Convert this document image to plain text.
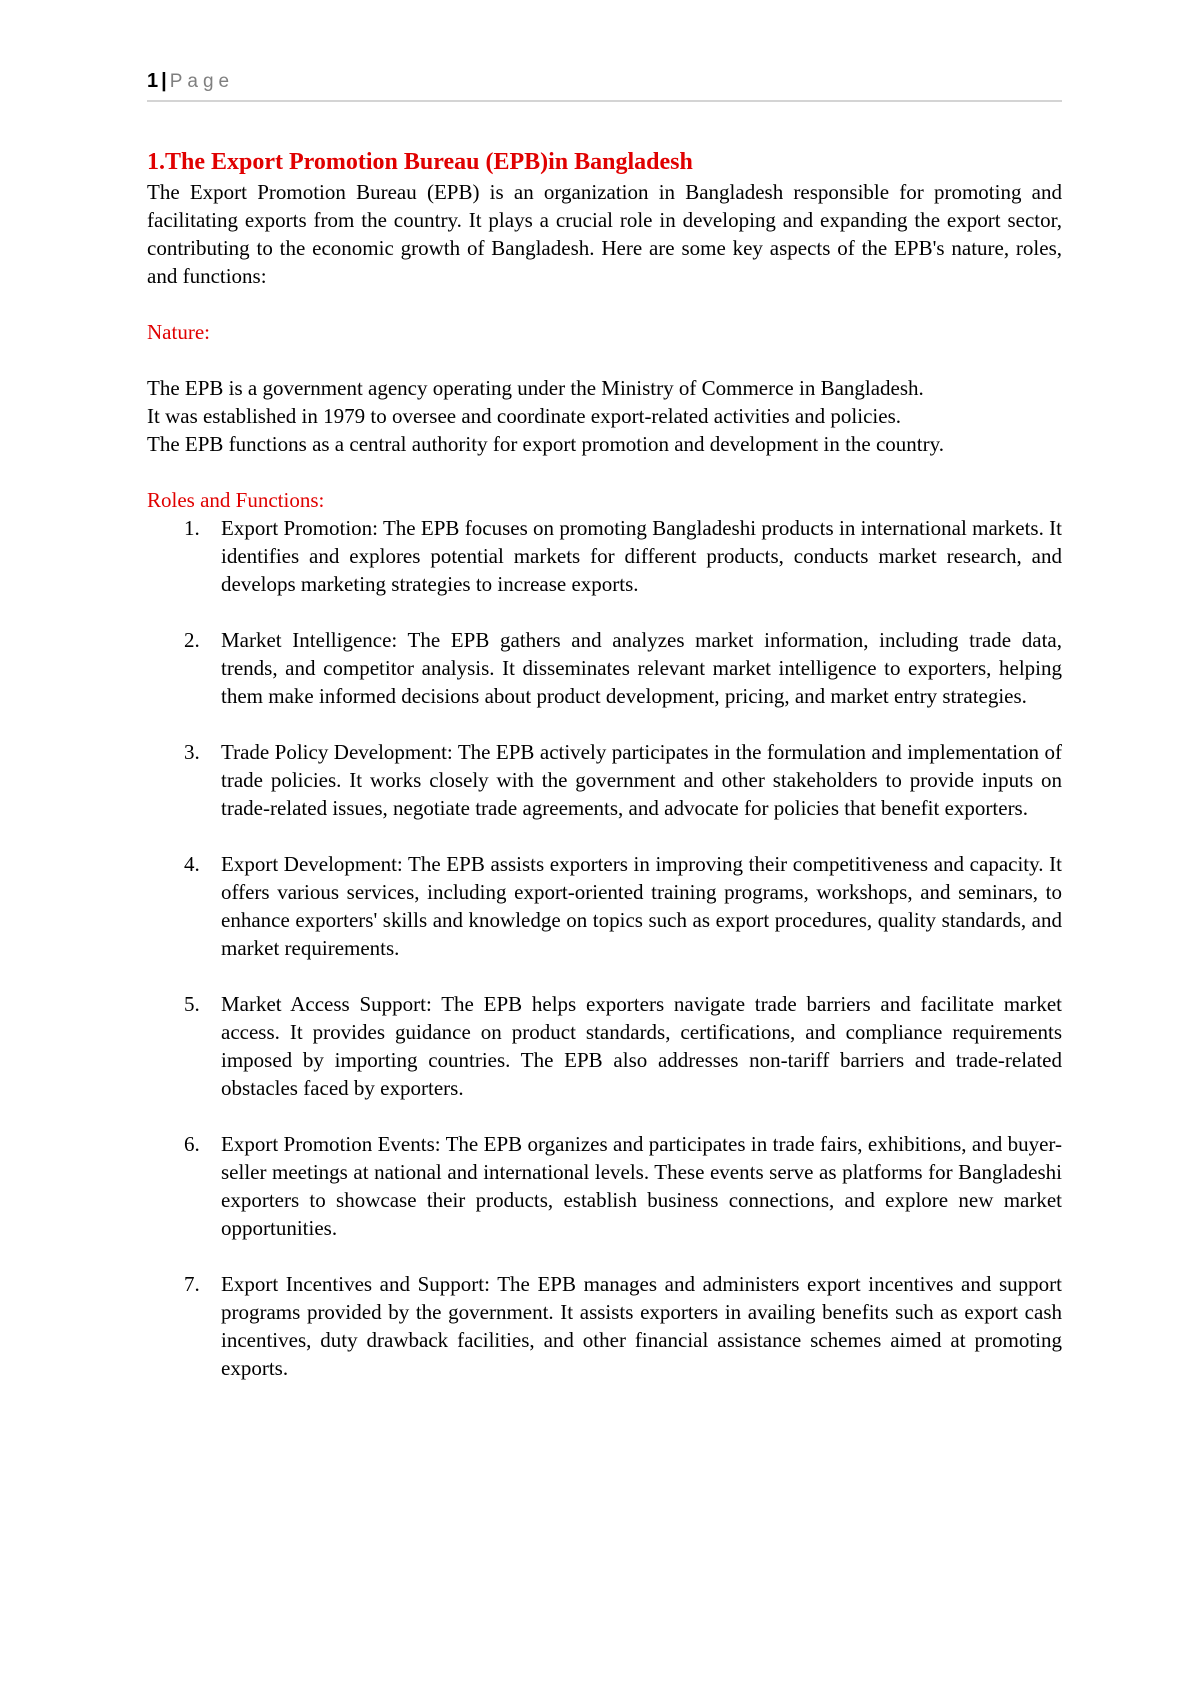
1 | Page
1.The Export Promotion Bureau (EPB)in Bangladesh

The Export Promotion Bureau (EPB) is an organization in Bangladesh responsible for promoting and facilitating exports from the country. It plays a crucial role in developing and expanding the export sector, contributing to the economic growth of Bangladesh. Here are some key aspects of the EPB's nature, roles, and functions:

Nature:

The EPB is a government agency operating under the Ministry of Commerce in Bangladesh.

It was established in 1979 to oversee and coordinate export-related activities and policies.

The EPB functions as a central authority for export promotion and development in the country.

Roles and Functions:

1. Export Promotion: The EPB focuses on promoting Bangladeshi products in international markets. It identifies and explores potential markets for different products, conducts market research, and develops marketing strategies to increase exports.
2. Market Intelligence: The EPB gathers and analyzes market information, including trade data, trends, and competitor analysis. It disseminates relevant market intelligence to exporters, helping them make informed decisions about product development, pricing, and market entry strategies.
3. Trade Policy Development: The EPB actively participates in the formulation and implementation of trade policies. It works closely with the government and other stakeholders to provide inputs on trade-related issues, negotiate trade agreements, and advocate for policies that benefit exporters.
4. Export Development: The EPB assists exporters in improving their competitiveness and capacity. It offers various services, including export-oriented training programs, workshops, and seminars, to enhance exporters' skills and knowledge on topics such as export procedures, quality standards, and market requirements.
5. Market Access Support: The EPB helps exporters navigate trade barriers and facilitate market access. It provides guidance on product standards, certifications, and compliance requirements imposed by importing countries. The EPB also addresses non-tariff barriers and trade-related obstacles faced by exporters.
6. Export Promotion Events: The EPB organizes and participates in trade fairs, exhibitions, and buyer-seller meetings at national and international levels. These events serve as platforms for Bangladeshi exporters to showcase their products, establish business connections, and explore new market opportunities.
7. Export Incentives and Support: The EPB manages and administers export incentives and support programs provided by the government. It assists exporters in availing benefits such as export cash incentives, duty drawback facilities, and other financial assistance schemes aimed at promoting exports.
